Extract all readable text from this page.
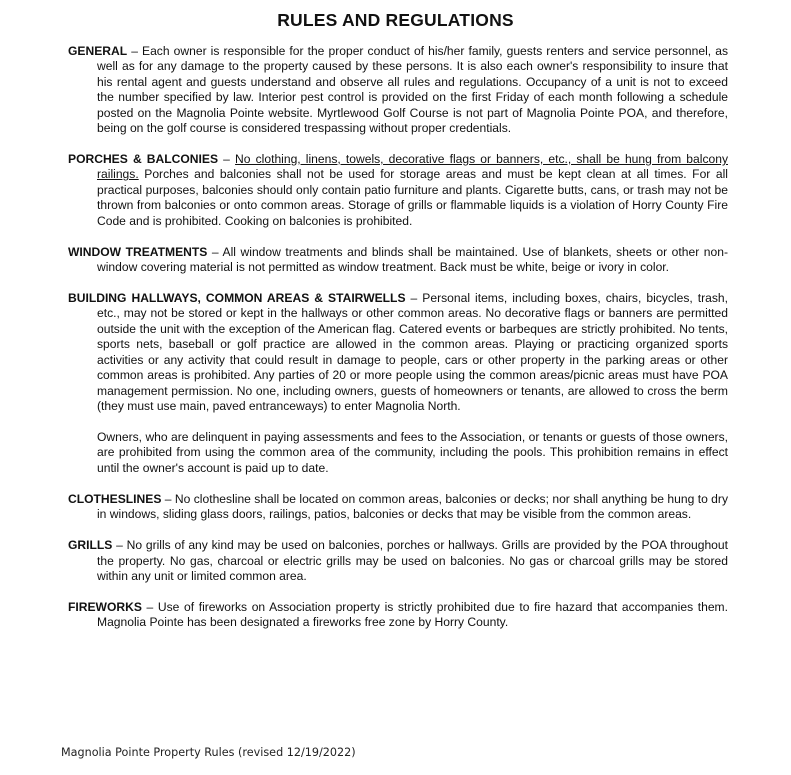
RULES AND REGULATIONS

GENERAL – Each owner is responsible for the proper conduct of his/her family, guests renters and service personnel, as well as for any damage to the property caused by these persons. It is also each owner's responsibility to insure that his rental agent and guests understand and observe all rules and regulations. Occupancy of a unit is not to exceed the number specified by law. Interior pest control is provided on the first Friday of each month following a schedule posted on the Magnolia Pointe website. Myrtlewood Golf Course is not part of Magnolia Pointe POA, and therefore, being on the golf course is considered trespassing without proper credentials.

PORCHES & BALCONIES – No clothing, linens, towels, decorative flags or banners, etc., shall be hung from balcony railings. Porches and balconies shall not be used for storage areas and must be kept clean at all times. For all practical purposes, balconies should only contain patio furniture and plants. Cigarette butts, cans, or trash may not be thrown from balconies or onto common areas. Storage of grills or flammable liquids is a violation of Horry County Fire Code and is prohibited. Cooking on balconies is prohibited.

WINDOW TREATMENTS – All window treatments and blinds shall be maintained. Use of blankets, sheets or other non-window covering material is not permitted as window treatment. Back must be white, beige or ivory in color.

BUILDING HALLWAYS, COMMON AREAS & STAIRWELLS – Personal items, including boxes, chairs, bicycles, trash, etc., may not be stored or kept in the hallways or other common areas. No decorative flags or banners are permitted outside the unit with the exception of the American flag. Catered events or barbeques are strictly prohibited. No tents, sports nets, baseball or golf practice are allowed in the common areas. Playing or practicing organized sports activities or any activity that could result in damage to people, cars or other property in the parking areas or other common areas is prohibited. Any parties of 20 or more people using the common areas/picnic areas must have POA management permission. No one, including owners, guests of homeowners or tenants, are allowed to cross the berm (they must use main, paved entranceways) to enter Magnolia North.

Owners, who are delinquent in paying assessments and fees to the Association, or tenants or guests of those owners, are prohibited from using the common area of the community, including the pools. This prohibition remains in effect until the owner's account is paid up to date.

CLOTHESLINES – No clothesline shall be located on common areas, balconies or decks; nor shall anything be hung to dry in windows, sliding glass doors, railings, patios, balconies or decks that may be visible from the common areas.

GRILLS – No grills of any kind may be used on balconies, porches or hallways. Grills are provided by the POA throughout the property. No gas, charcoal or electric grills may be used on balconies. No gas or charcoal grills may be stored within any unit or limited common area.

FIREWORKS – Use of fireworks on Association property is strictly prohibited due to fire hazard that accompanies them. Magnolia Pointe has been designated a fireworks free zone by Horry County.

Magnolia Pointe Property Rules (revised 12/19/2022)
